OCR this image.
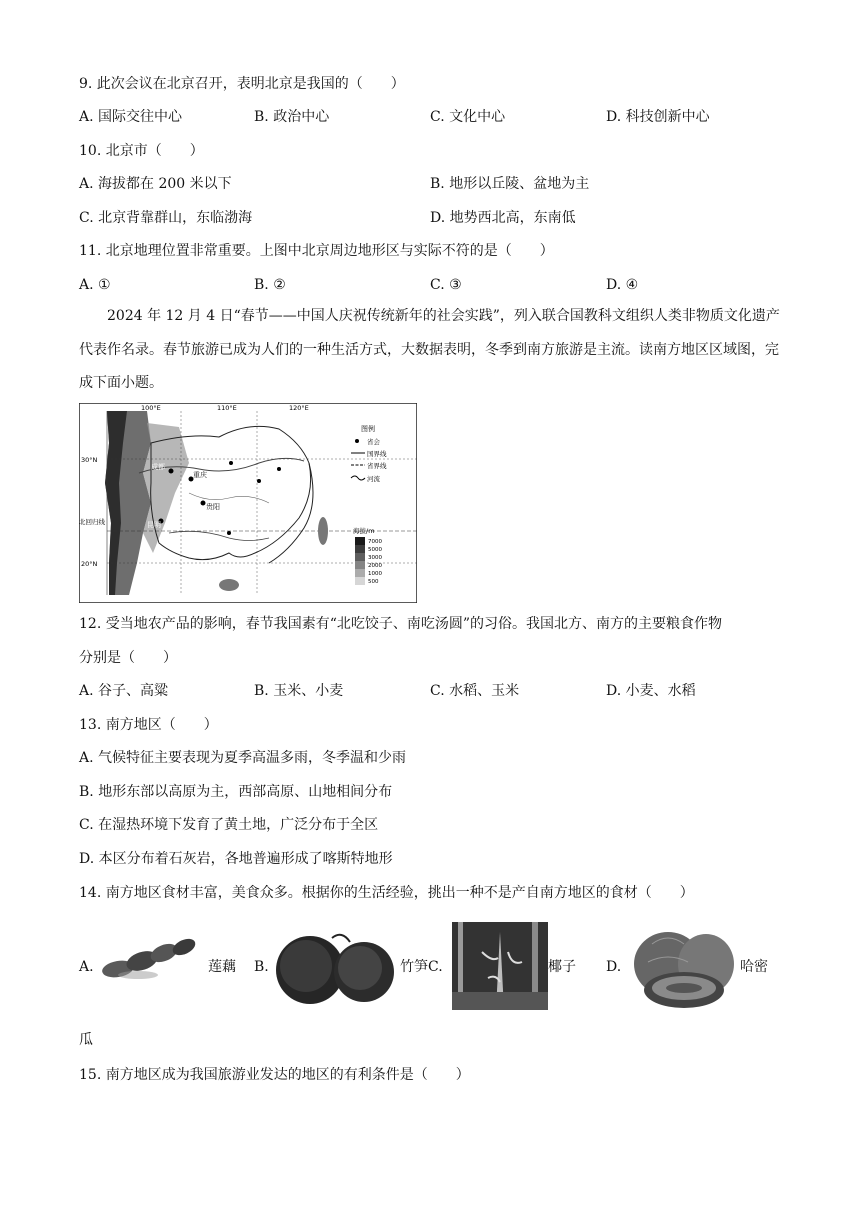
9. 此次会议在北京召开，表明北京是我国的（　　）
A. 国际交往中心	B. 政治中心	C. 文化中心	D. 科技创新中心
10. 北京市（　　）
A. 海拔都在 200 米以下	B. 地形以丘陵、盆地为主
C. 北京背靠群山，东临渤海	D. 地势西北高，东南低
11. 北京地理位置非常重要。上图中北京周边地形区与实际不符的是（　　）
A. ①	B. ②	C. ③	D. ④
2024 年 12 月 4 日“春节——中国人庆祝传统新年的社会实践”，列入联合国教科文组织人类非物质文化遗产代表作名录。春节旅游已成为人们的一种生活方式，大数据表明，冬季到南方旅游是主流。读南方地区区域图，完成下面小题。
成都
重庆
贵阳
昆明
100°E	110°E	120°E
30°N
北回归线
20°N
图例
省会
国界线
省界线
河流
海拔/m
7000
5000
3000
2000
1000
500
12. 受当地农产品的影响，春节我国素有“北吃饺子、南吃汤圆”的习俗。我国北方、南方的主要粮食作物
分别是（　　）
A. 谷子、高粱	B. 玉米、小麦	C. 水稻、玉米	D. 小麦、水稻
13. 南方地区（　　）
A. 气候特征主要表现为夏季高温多雨，冬季温和少雨
B. 地形东部以高原为主，西部高原、山地相间分布
C. 在湿热环境下发育了黄土地，广泛分布于全区
D. 本区分布着石灰岩，各地普遍形成了喀斯特地形
14. 南方地区食材丰富，美食众多。根据你的生活经验，挑出一种不是产自南方地区的食材（　　）
A.	莲藕 B.	竹笋 C.	椰子 D.	哈密
瓜
15. 南方地区成为我国旅游业发达的地区的有利条件是（　　）
